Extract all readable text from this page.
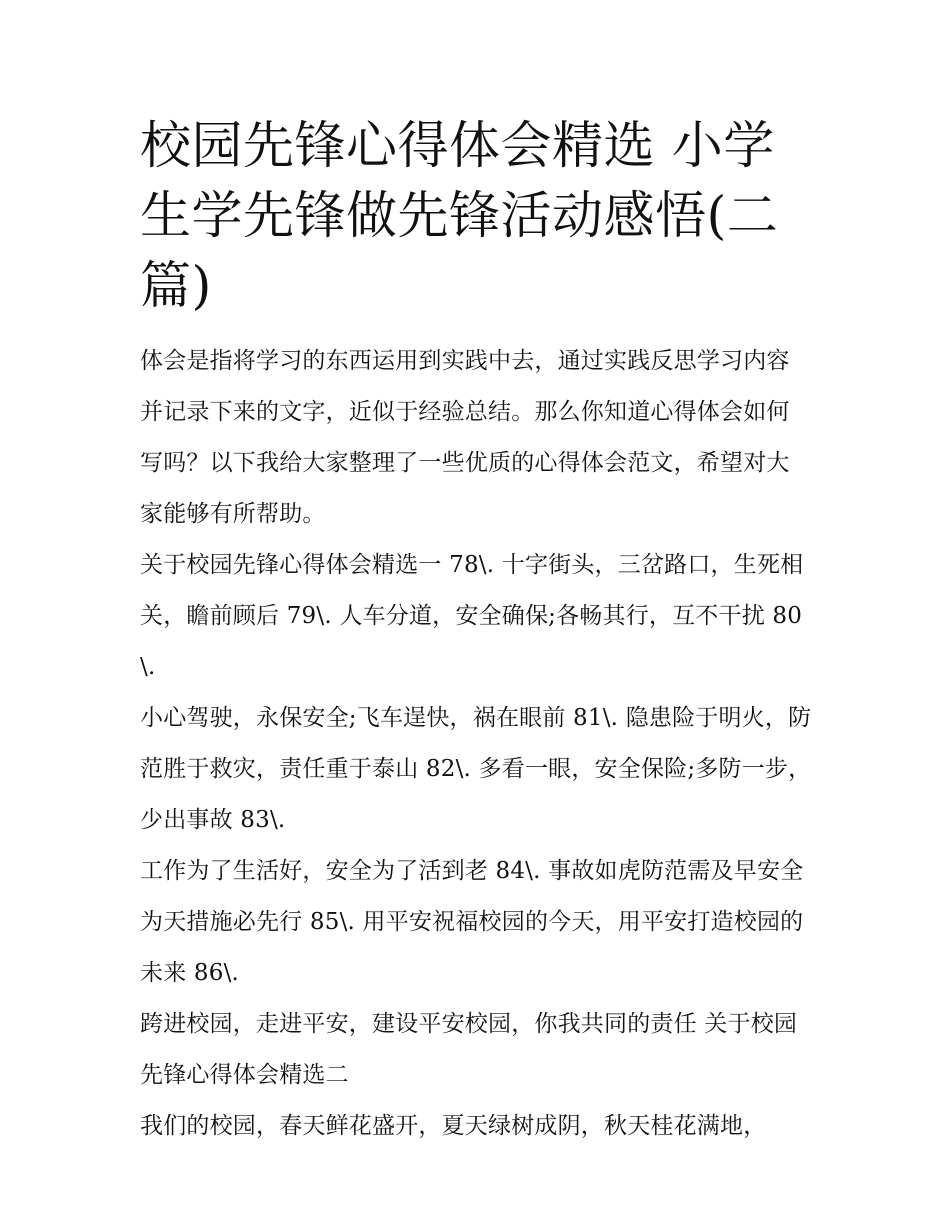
校园先锋心得体会精选 小学生学先锋做先锋活动感悟(二篇)

体会是指将学习的东西运用到实践中去，通过实践反思学习内容并记录下来的文字，近似于经验总结。那么你知道心得体会如何写吗？以下我给大家整理了一些优质的心得体会范文，希望对大家能够有所帮助。

关于校园先锋心得体会精选一 78\. 十字街头，三岔路口，生死相关，瞻前顾后 79\. 人车分道，安全确保;各畅其行，互不干扰 80\.

小心驾驶，永保安全;飞车逞快，祸在眼前 81\. 隐患险于明火，防范胜于救灾，责任重于泰山 82\. 多看一眼，安全保险;多防一步，少出事故 83\.

工作为了生活好，安全为了活到老 84\. 事故如虎防范需及早安全为天措施必先行 85\. 用平安祝福校园的今天，用平安打造校园的未来 86\.

跨进校园，走进平安，建设平安校园，你我共同的责任 关于校园先锋心得体会精选二

我们的校园，春天鲜花盛开，夏天绿树成阴，秋天桂花满地，
